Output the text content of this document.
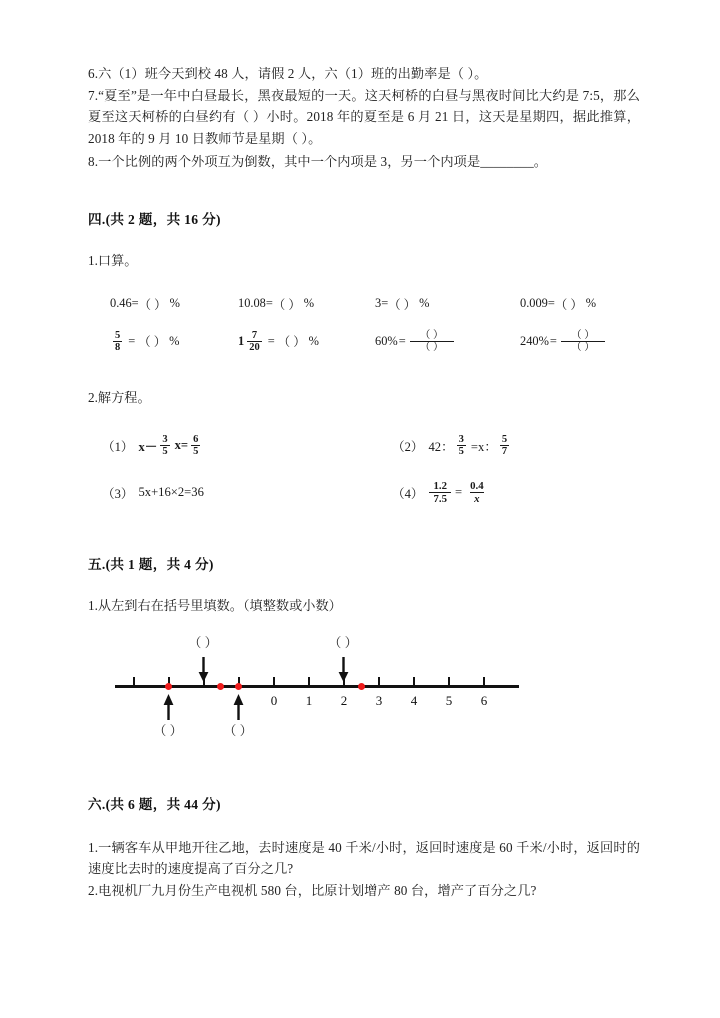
6.六（1）班今天到校 48 人，请假 2 人，六（1）班的出勤率是（ ）。
7.“夏至”是一年中白昼最长，黑夜最短的一天。这天柯桥的白昼与黑夜时间比大约是 7:5，那么夏至这天柯桥的白昼约有（ ）小时。2018 年的夏至是 6 月 21 日，这天是星期四，据此推算，2018 年的 9 月 10 日教师节是星期（ ）。
8.一个比例的两个外项互为倒数，其中一个内项是 3，另一个内项是________。
四.(共 2 题，共 16 分)
1.口算。
0.46= （ ） %	10.08= （ ） %	3= （ ） %	0.009= （ ） %
$\frac{5}{8}$ = （ ） %	$1 \frac{7}{20}$ = （ ） %	$60\% = \frac{( )}{( )}$	$240\% = \frac{( )}{( )}$
2.解方程。
（1） $x- \frac{3}{5} x= \frac{6}{5}$	（2） 42： $\frac{3}{5} =x$： $\frac{5}{7}$
（3） 5x+16×2=36	$(4) \frac{1.2}{7.5} = \frac{0.4}{x}$
五.(共 1 题，共 4 分)
1.从左到右在括号里填数。（填整数或小数）
（ ）	（ ）
0 1 2 3 4 5 6
（ ）	（ ）
六.(共 6 题，共 44 分)
1.一辆客车从甲地开往乙地，去时速度是 40 千米/小时，返回时速度是 60 千米/小时，返回时的速度比去时的速度提高了百分之几?
2.电视机厂九月份生产电视机 580 台，比原计划增产 80 台，增产了百分之几?
